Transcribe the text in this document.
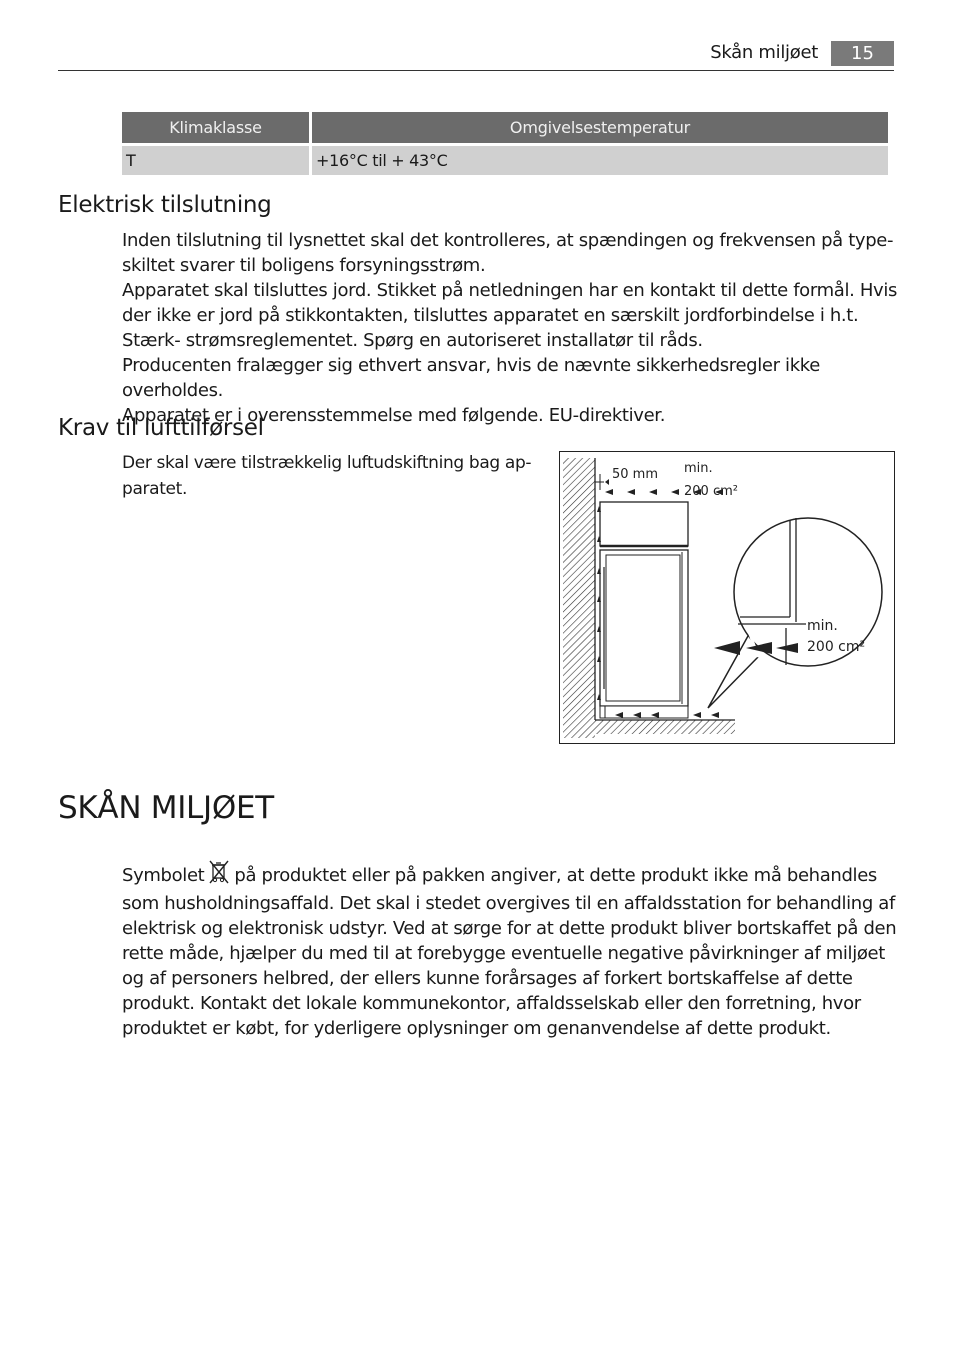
Skån miljøet	15
Klimaklasse	Omgivelsestemperatur
T	+16°C til + 43°C
Elektrisk tilslutning

Inden tilslutning til lysnettet skal det kontrolleres, at spændingen og frekvensen på type- skiltet svarer til boligens forsyningsstrøm.

Apparatet skal tilsluttes jord. Stikket på netledningen har en kontakt til dette formål. Hvis der ikke er jord på stikkontakten, tilsluttes apparatet en særskilt jordforbindelse i h.t. Stærk- strømsreglementet. Spørg en autoriseret installatør til råds.

Producenten fralægger sig ethvert ansvar, hvis de nævnte sikkerhedsregler ikke overholdes.

Apparatet er i overensstemmelse med følgende. EU-direktiver.

Krav til lufttilførsel
Der skal være tilstrækkelig luftudskiftning bag ap- paratet.
50 mm min.
200 cm²
min.
200 cm²
SKÅN MILJØET
Symbolet på produktet eller på pakken angiver, at dette produkt ikke må behandles som husholdningsaffald. Det skal i stedet overgives til en affaldsstation for behandling af elektrisk og elektronisk udstyr. Ved at sørge for at dette produkt bliver bortskaffet på den rette måde, hjælper du med til at forebygge eventuelle negative påvirkninger af miljøet og af personers helbred, der ellers kunne forårsages af forkert bortskaffelse af dette produkt. Kontakt det lokale kommunekontor, affaldsselskab eller den forretning, hvor produktet er købt, for yderligere oplysninger om genanvendelse af dette produkt.
